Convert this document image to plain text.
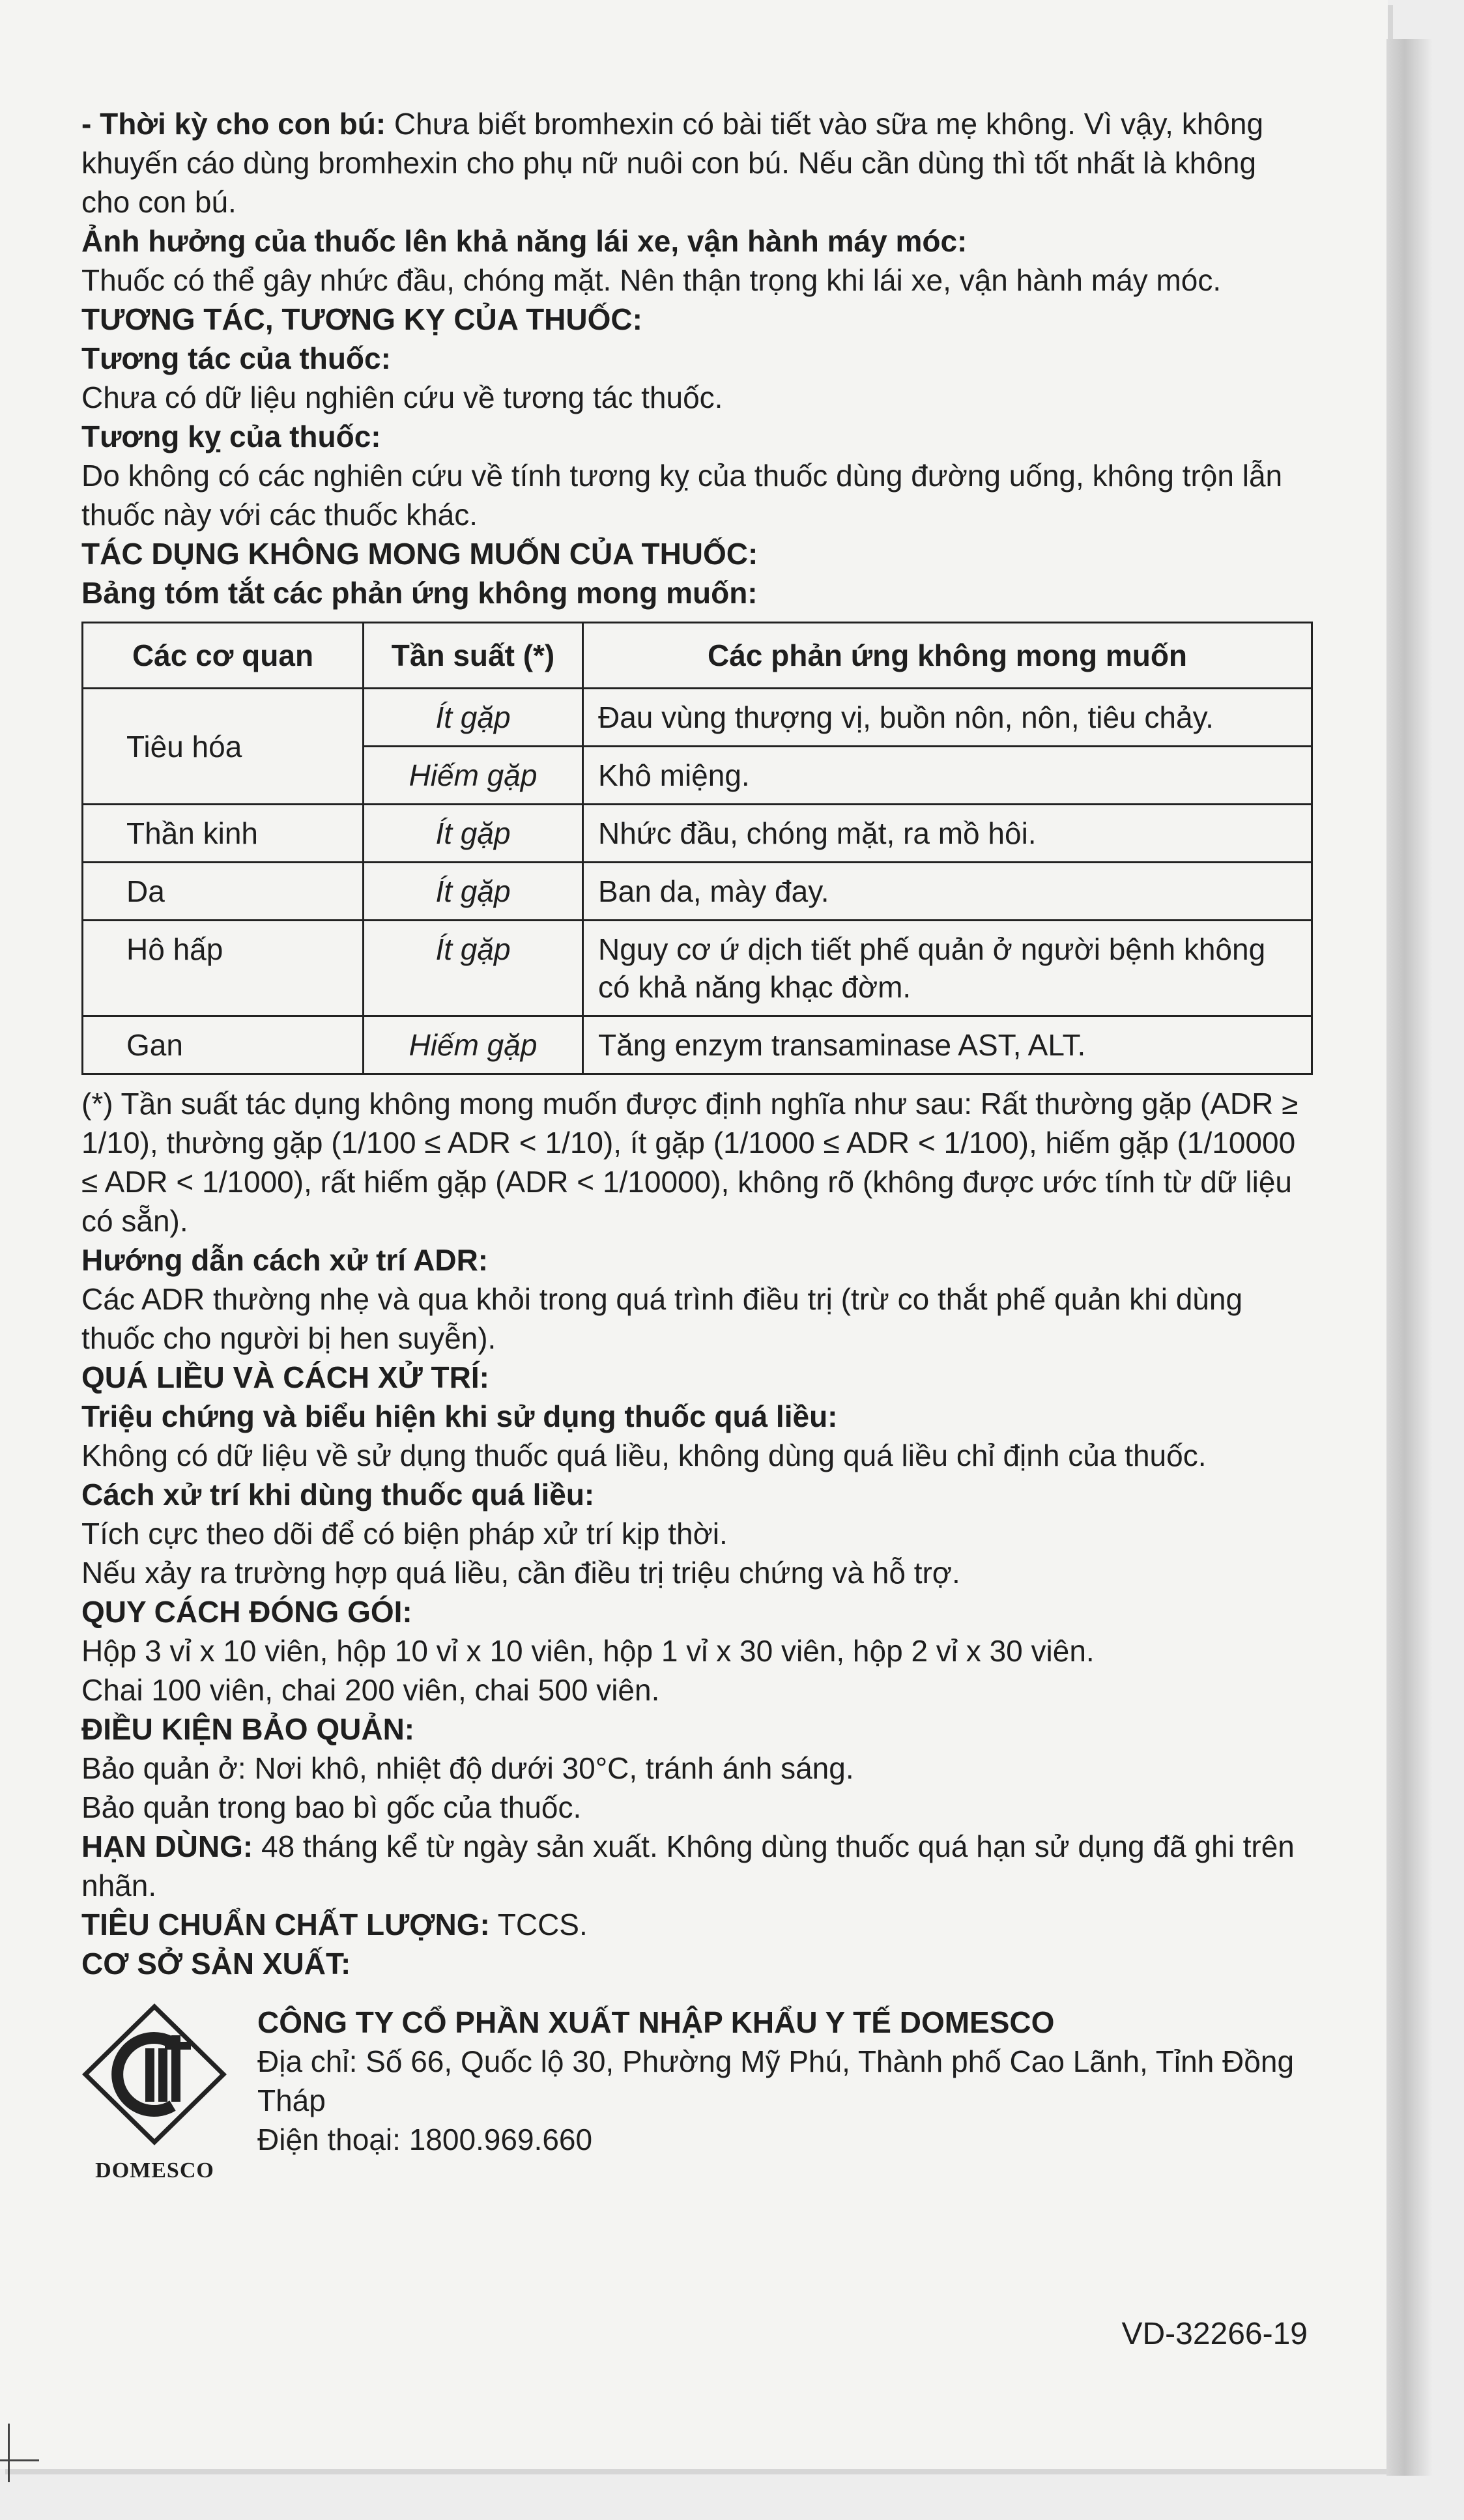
- Thời kỳ cho con bú: Chưa biết bromhexin có bài tiết vào sữa mẹ không. Vì vậy, không khuyến cáo dùng bromhexin cho phụ nữ nuôi con bú. Nếu cần dùng thì tốt nhất là không cho con bú.

Ảnh hưởng của thuốc lên khả năng lái xe, vận hành máy móc:

Thuốc có thể gây nhức đầu, chóng mặt. Nên thận trọng khi lái xe, vận hành máy móc.

TƯƠNG TÁC, TƯƠNG KỴ CỦA THUỐC:

Tương tác của thuốc:

Chưa có dữ liệu nghiên cứu về tương tác thuốc.

Tương kỵ của thuốc:

Do không có các nghiên cứu về tính tương kỵ của thuốc dùng đường uống, không trộn lẫn thuốc này với các thuốc khác.

TÁC DỤNG KHÔNG MONG MUỐN CỦA THUỐC:

Bảng tóm tắt các phản ứng không mong muốn:

Các cơ quan	Tần suất (*)	Các phản ứng không mong muốn
Tiêu hóa	Ít gặp	Đau vùng thượng vị, buồn nôn, nôn, tiêu chảy.
	Hiếm gặp	Khô miệng.
Thần kinh	Ít gặp	Nhức đầu, chóng mặt, ra mồ hôi.
Da	Ít gặp	Ban da, mày đay.
Hô hấp	Ít gặp	Nguy cơ ứ dịch tiết phế quản ở người bệnh không có khả năng khạc đờm.
Gan	Hiếm gặp	Tăng enzym transaminase AST, ALT.

(*) Tần suất tác dụng không mong muốn được định nghĩa như sau: Rất thường gặp (ADR ≥ 1/10), thường gặp (1/100 ≤ ADR < 1/10), ít gặp (1/1000 ≤ ADR < 1/100), hiếm gặp (1/10000 ≤ ADR < 1/1000), rất hiếm gặp (ADR < 1/10000), không rõ (không được ước tính từ dữ liệu có sẵn).

Hướng dẫn cách xử trí ADR:

Các ADR thường nhẹ và qua khỏi trong quá trình điều trị (trừ co thắt phế quản khi dùng thuốc cho người bị hen suyễn).

QUÁ LIỀU VÀ CÁCH XỬ TRÍ:

Triệu chứng và biểu hiện khi sử dụng thuốc quá liều:

Không có dữ liệu về sử dụng thuốc quá liều, không dùng quá liều chỉ định của thuốc.

Cách xử trí khi dùng thuốc quá liều:

Tích cực theo dõi để có biện pháp xử trí kịp thời.

Nếu xảy ra trường hợp quá liều, cần điều trị triệu chứng và hỗ trợ.

QUY CÁCH ĐÓNG GÓI:

Hộp 3 vỉ x 10 viên, hộp 10 vỉ x 10 viên, hộp 1 vỉ x 30 viên, hộp 2 vỉ x 30 viên.

Chai 100 viên, chai 200 viên, chai 500 viên.

ĐIỀU KIỆN BẢO QUẢN:

Bảo quản ở: Nơi khô, nhiệt độ dưới 30°C, tránh ánh sáng.

Bảo quản trong bao bì gốc của thuốc.

HẠN DÙNG: 48 tháng kể từ ngày sản xuất. Không dùng thuốc quá hạn sử dụng đã ghi trên nhãn.

TIÊU CHUẨN CHẤT LƯỢNG: TCCS.

CƠ SỞ SẢN XUẤT:

DOMESCO

CÔNG TY CỔ PHẦN XUẤT NHẬP KHẨU Y TẾ DOMESCO

Địa chỉ: Số 66, Quốc lộ 30, Phường Mỹ Phú, Thành phố Cao Lãnh, Tỉnh Đồng Tháp

Điện thoại: 1800.969.660

VD-32266-19
